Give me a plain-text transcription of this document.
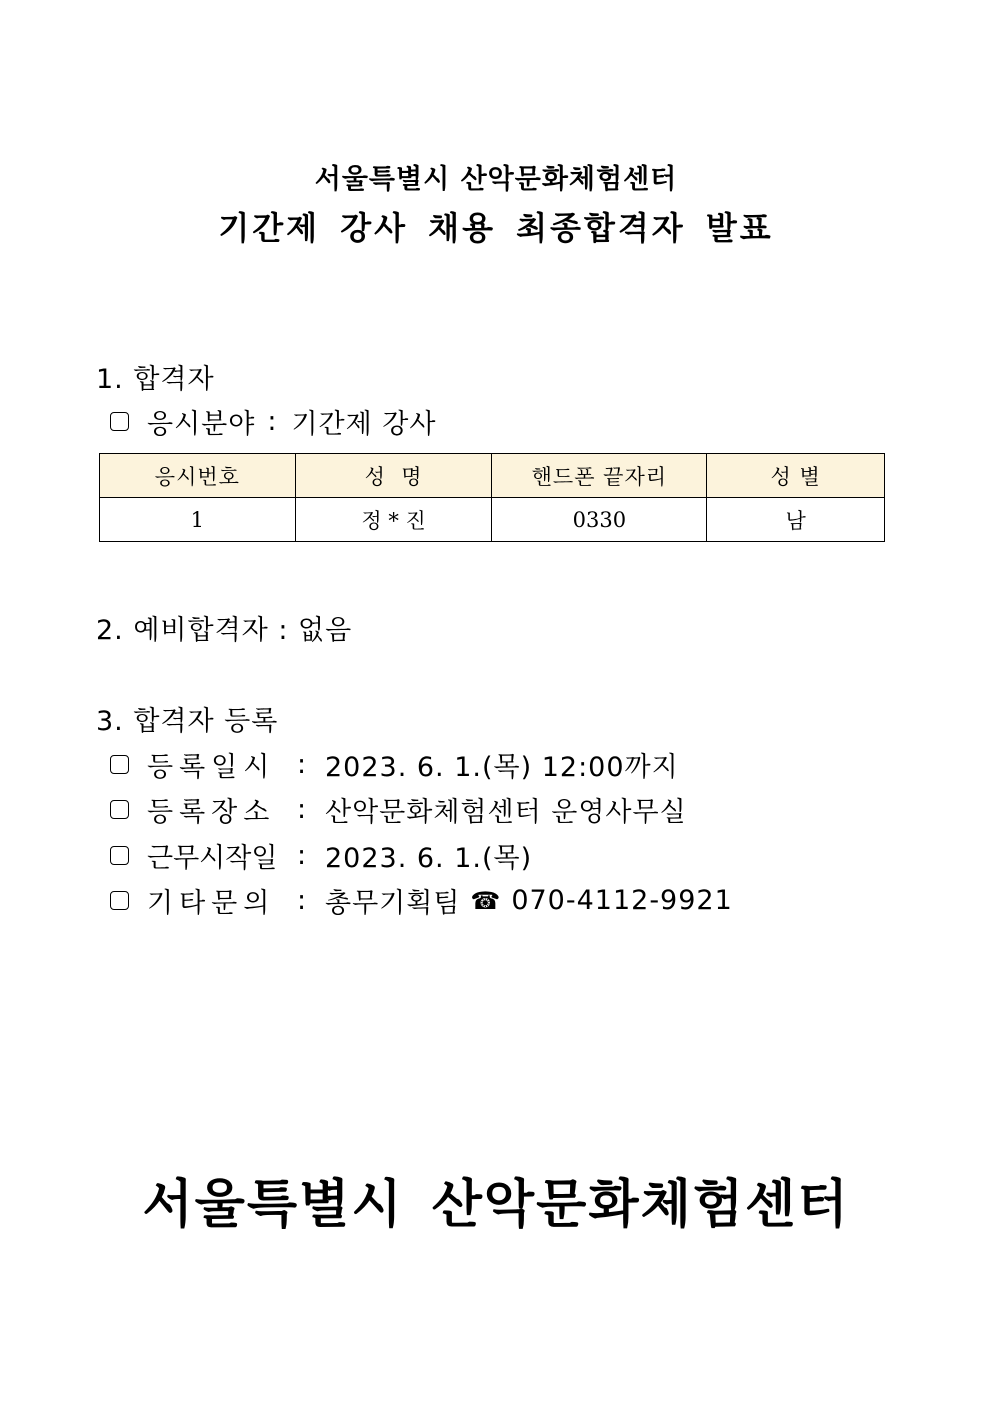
서울특별시 산악문화체험센터
기간제 강사 채용 최종합격자 발표
1. 합격자
응시분야 : 기간제 강사
응시번호	성  명	핸드폰 끝자리	성 별
1	정 * 진	0330	남
2. 예비합격자 : 없음
3. 합격자 등록
등록일시 : 2023. 6. 1.(목) 12:00까지
등록장소 : 산악문화체험센터 운영사무실
근무시작일 : 2023. 6. 1.(목)
기타문의 : 총무기획팀 ☎ 070-4112-9921
서울특별시 산악문화체험센터
